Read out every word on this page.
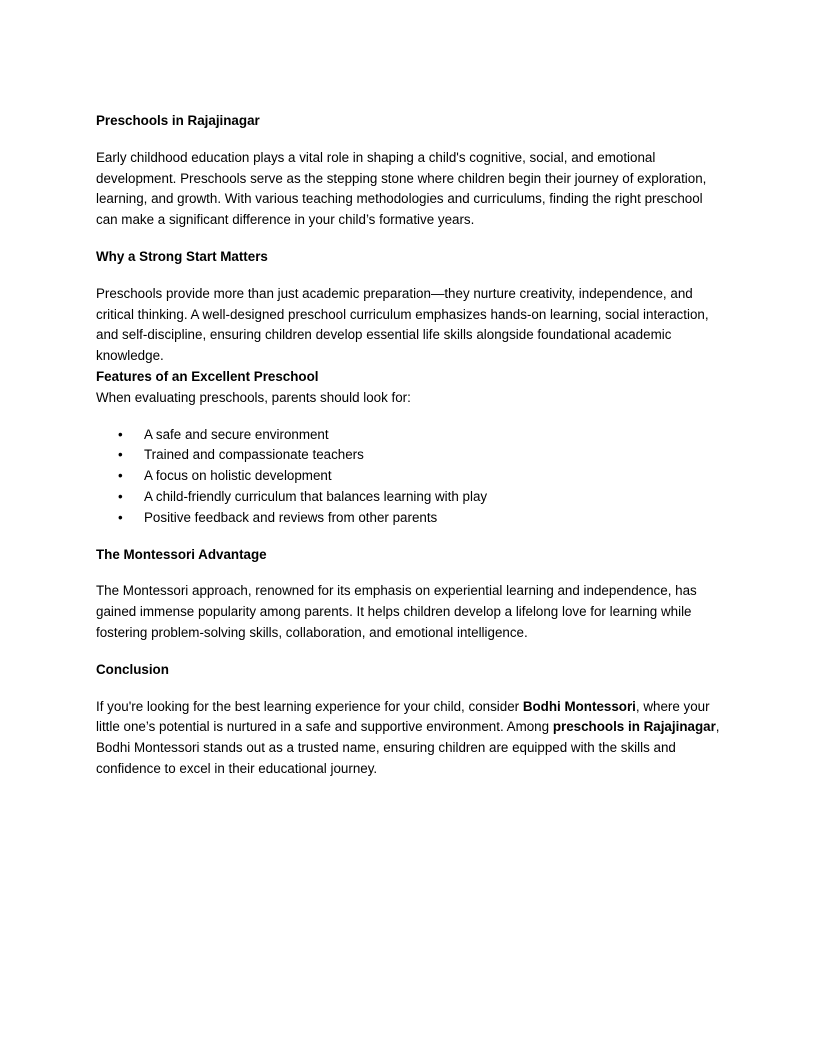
Preschools in Rajajinagar

Early childhood education plays a vital role in shaping a child's cognitive, social, and emotional development. Preschools serve as the stepping stone where children begin their journey of exploration, learning, and growth. With various teaching methodologies and curriculums, finding the right preschool can make a significant difference in your child’s formative years.

Why a Strong Start Matters

Preschools provide more than just academic preparation—they nurture creativity, independence, and critical thinking. A well-designed preschool curriculum emphasizes hands-on learning, social interaction, and self-discipline, ensuring children develop essential life skills alongside foundational academic knowledge.

Features of an Excellent Preschool

When evaluating preschools, parents should look for:

• A safe and secure environment
• Trained and compassionate teachers
• A focus on holistic development
• A child-friendly curriculum that balances learning with play
• Positive feedback and reviews from other parents

The Montessori Advantage

The Montessori approach, renowned for its emphasis on experiential learning and independence, has gained immense popularity among parents. It helps children develop a lifelong love for learning while fostering problem-solving skills, collaboration, and emotional intelligence.

Conclusion

If you're looking for the best learning experience for your child, consider Bodhi Montessori, where your little one’s potential is nurtured in a safe and supportive environment. Among preschools in Rajajinagar, Bodhi Montessori stands out as a trusted name, ensuring children are equipped with the skills and confidence to excel in their educational journey.
